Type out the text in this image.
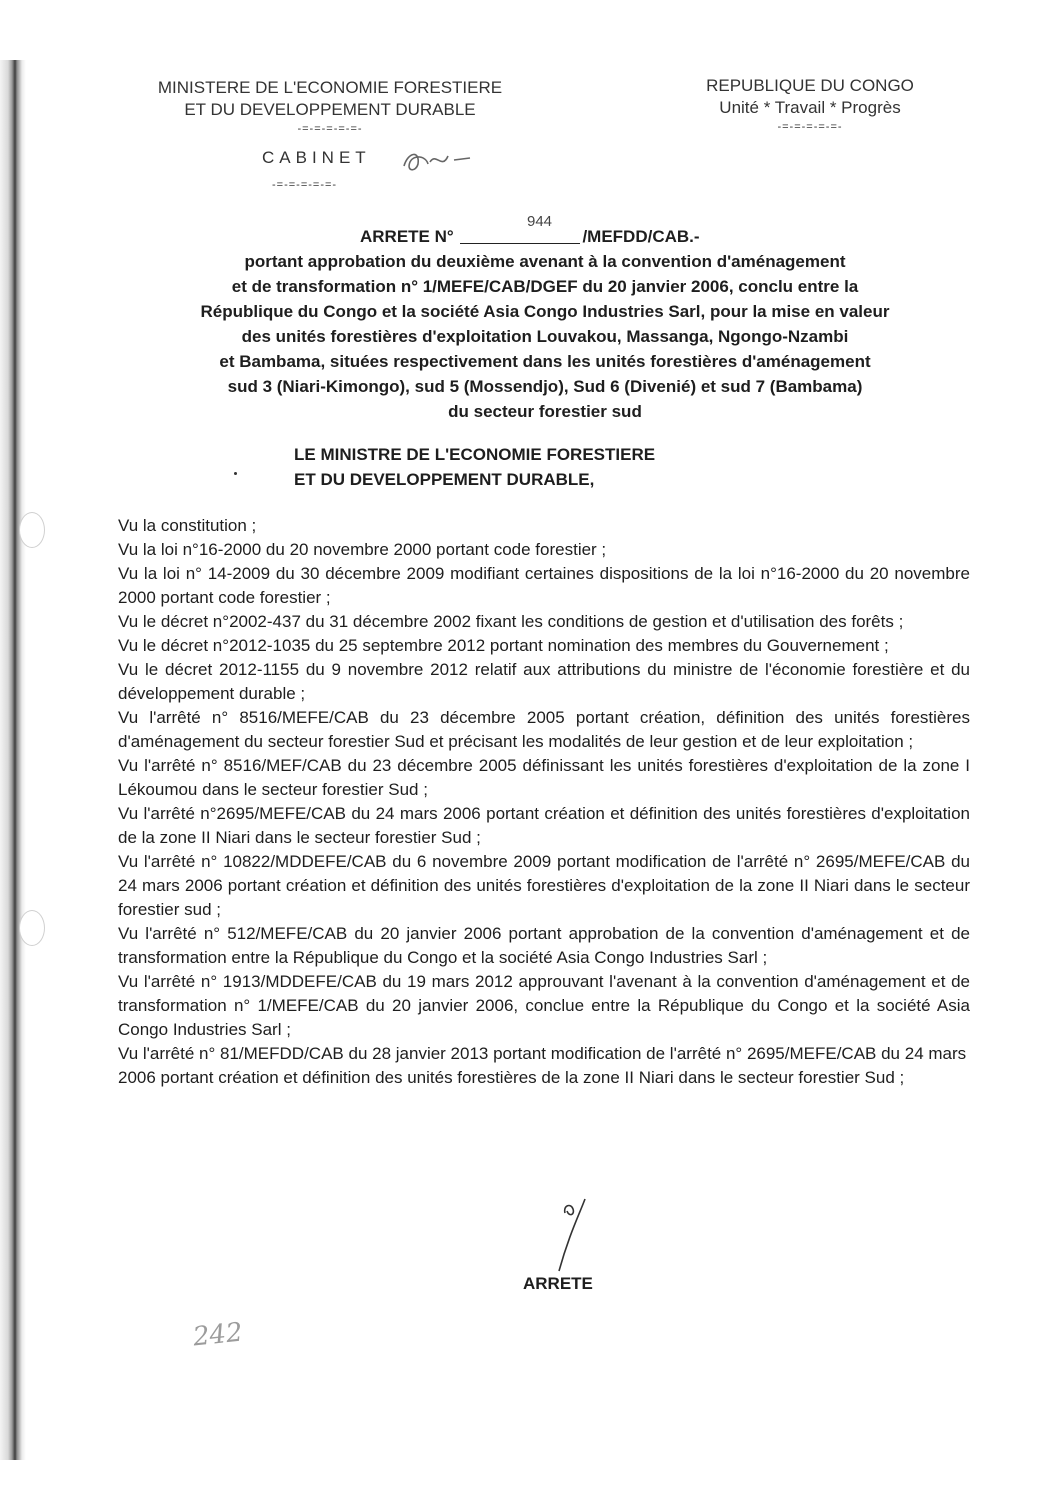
MINISTERE DE L'ECONOMIE FORESTIERE
ET DU DEVELOPPEMENT DURABLE
-=-=-=-=-=-
REPUBLIQUE DU CONGO
Unité * Travail * Progrès
-=-=-=-=-=-
CABINET
-=-=-=-=-=-
ARRETE N°	/MEFDD/CAB.-
944

portant approbation du deuxième avenant à la convention d'aménagement
et de transformation n° 1/MEFE/CAB/DGEF du 20 janvier 2006, conclu entre la
République du Congo et la société Asia Congo Industries Sarl, pour la mise en valeur
des unités forestières d'exploitation Louvakou, Massanga, Ngongo-Nzambi
et Bambama, situées respectivement dans les unités forestières d'aménagement
sud 3 (Niari-Kimongo), sud 5 (Mossendjo), Sud 6 (Divenié) et sud 7 (Bambama)
du secteur forestier sud

LE MINISTRE DE L'ECONOMIE FORESTIERE
ET DU DEVELOPPEMENT DURABLE,

Vu la constitution ;

Vu la loi n°16-2000 du 20 novembre 2000 portant code forestier ;

Vu la loi n° 14-2009 du 30 décembre 2009 modifiant certaines dispositions de la loi n°16-2000 du 20 novembre 2000 portant code forestier ;

Vu le décret n°2002-437 du 31 décembre 2002 fixant les conditions de gestion et d'utilisation des forêts ;

Vu le décret n°2012-1035 du 25 septembre 2012 portant nomination des membres du Gouvernement ;

Vu le décret 2012-1155 du 9 novembre 2012 relatif aux attributions du ministre de l'économie forestière et du développement durable ;

Vu l'arrêté n° 8516/MEFE/CAB du 23 décembre 2005 portant création, définition des unités forestières d'aménagement du secteur forestier Sud et précisant les modalités de leur gestion et de leur exploitation ;

Vu l'arrêté n° 8516/MEF/CAB du 23 décembre 2005 définissant les unités forestières d'exploitation de la zone I Lékoumou dans le secteur forestier Sud ;

Vu l'arrêté n°2695/MEFE/CAB du 24 mars 2006 portant création et définition des unités forestières d'exploitation de la zone II Niari dans le secteur forestier Sud ;

Vu l'arrêté n° 10822/MDDEFE/CAB du 6 novembre 2009 portant modification de l'arrêté n° 2695/MEFE/CAB du 24 mars 2006 portant création et définition des unités forestières d'exploitation de la zone II Niari dans le secteur forestier sud ;

Vu l'arrêté n° 512/MEFE/CAB du 20 janvier 2006 portant approbation de la convention d'aménagement et de transformation entre la République du Congo et la société Asia Congo Industries Sarl ;

Vu l'arrêté n° 1913/MDDEFE/CAB du 19 mars 2012 approuvant l'avenant à la convention d'aménagement et de transformation n° 1/MEFE/CAB du 20 janvier 2006, conclue entre la République du Congo et la société Asia Congo Industries Sarl ;

Vu l'arrêté n° 81/MEFDD/CAB du 28 janvier 2013 portant modification de l'arrêté n° 2695/MEFE/CAB du 24 mars 2006 portant création et définition des unités forestières de la zone II Niari dans le secteur forestier Sud ;

ARRETE
242
